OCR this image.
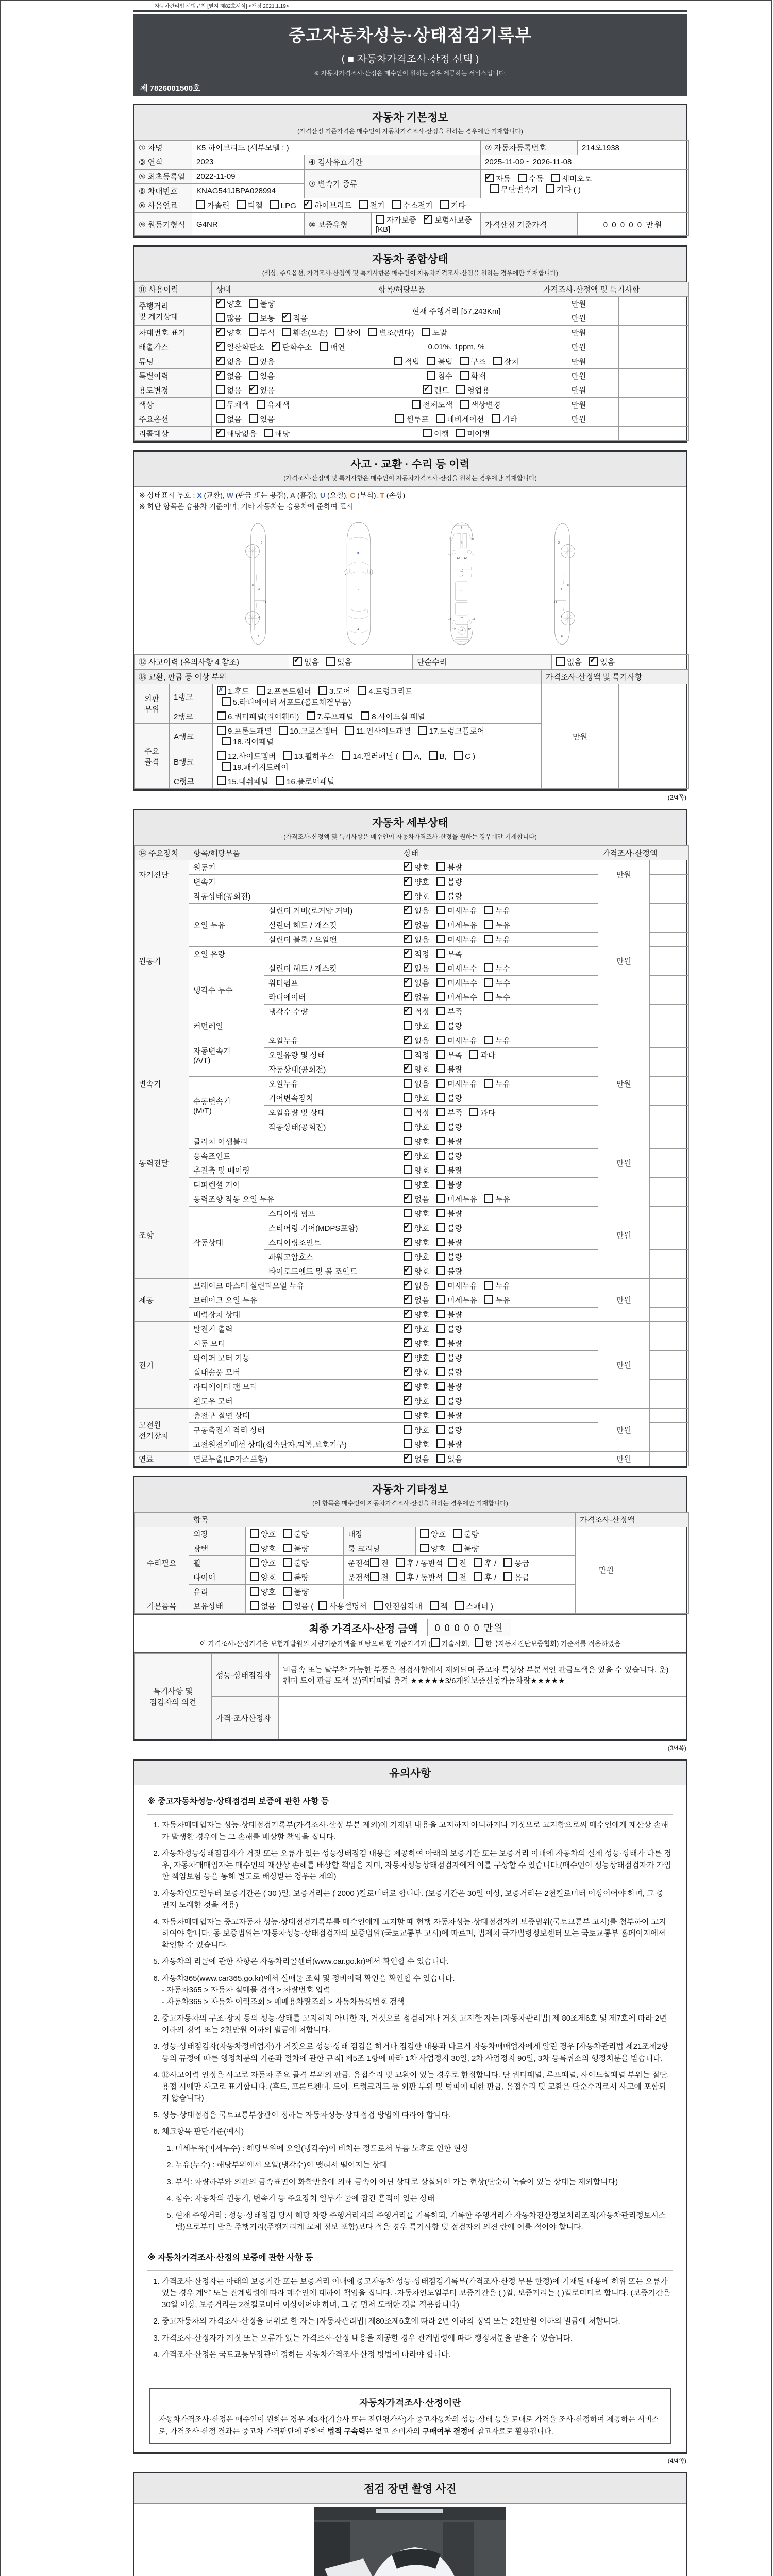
자동차관리법 시행규칙 [별지 제82호서식] <개정 2021.1.19>
중고자동차성능·상태점검기록부
( ■ 자동차가격조사·산정 선택 )
※ 자동차가격조사·산정은 매수인이 원하는 경우 제공하는 서비스입니다.
제 7826001500호
자동차 기본정보
(가격산정 기준가격은 매수인이 자동차가격조사·산정을 원하는 경우에만 기재합니다)
① 차명	K5 하이브리드 (세부모델 : )			② 자동차등록번호	214오1938
③ 연식	2023	④ 검사유효기간		2025-11-09 ~ 2026-11-08	
⑤ 최초등록일	2022-11-09	⑦ 변속기 종류	✔자동 수동 세미오토
무단변속기 기타 ( )
⑥ 차대번호	KNAG541JBPA028994				
⑧ 사용연료	가솔린 디젤 LPG ✔하이브리드 전기 수소전기 기타
⑨ 원동기형식	G4NR	⑩ 보증유형	자가보증 ✔보험사보증 [KB]	가격산정 기준가격	0 0 0 0 0 만원
자동차 종합상태
(색상, 주요옵션, 가격조사·산정액 및 특기사항은 매수인이 자동차가격조사·산정을 원하는 경우에만 기재합니다)
⑪ 사용이력	상태	항목/해당부품	가격조사·산정액 및 특기사항	
주행거리
및 계기상태	✔양호 불량	현재 주행거리 [57,243Km]	만원	
	많음 보통 ✔적음		만원	
차대번호 표기	✔양호 부식 훼손(오손) 상이 변조(변타) 도말		만원	
배출가스	✔일산화탄소 ✔탄화수소 매연	0.01%, 1ppm, %	만원	
튜닝	✔없음 있음	적법 불법 구조 장치	만원	
특별이력	✔없음 있음	침수 화재	만원	
용도변경	없음 ✔있음	✔렌트 영업용	만원	
색상	무채색 유채색	전체도색 색상변경	만원	
주요옵션	없음 있음	썬루프 네비게이션 기타	만원	
리콜대상	✔해당없음 해당	이행 미이행		
사고 · 교환 · 수리 등 이력
(가격조사·산정액 및 특기사항은 매수인이 자동차가격조사·산정을 원하는 경우에만 기재합니다)
※ 상태표시 부호 : X (교환), W (판금 또는 용접), A (흠집), U (요철), C (부식), T (손상)
※ 하단 항목은 승용차 기준이며, 기타 자동차는 승용차에 준하여 표시
2
8
3
14
3
6
X
7
4
5
11	11
9
13	13
12 12
10
15
16
19
13	13
12 12
17
18
2
8
3
14
3
6
⑫ 사고이력 (유의사항 4 참조)	✔없음 있음	단순수리	없음 ✔있음
⑬ 교환, 판금 등 이상 부위			가격조사·산정액 및 특기사항	
외판
부위	1랭크	✗1.후드 2.프론트휀더 3.도어 4.트렁크리드
5.라디에이터 서포트(볼트체결부품)	만원	
	2랭크	6.쿼터패널(리어휀더) 7.루프패널 8.사이드실 패널		
주요
골격	A랭크	9.프론트패널 10.크로스멤버 11.인사이드패널 17.트렁크플로어
18.리어패널		
	B랭크	12.사이드멤버 13.휠하우스 14.필러패널 ( A, B, C )
19.패키지트레이		
	C랭크	15.대쉬패널 16.플로어패널		
(2/4쪽)
자동차 세부상태
(가격조사·산정액 및 특기사항은 매수인이 자동차가격조사·산정을 원하는 경우에만 기재합니다)
⑭ 주요장치	항목/해당부품		상태	가격조사·산정액	
자기진단	원동기	✔양호 불량	만원	
	변속기	✔양호 불량	
원동기	작동상태(공회전)	✔양호 불량	만원	
	오일 누유	실린더 커버(로커암 커버)	✔없음 미세누유 누유	
		실린더 헤드 / 개스킷	✔없음 미세누유 누유	
		실린더 블록 / 오일팬	✔없음 미세누유 누유	
	오일 유량	✔적정 부족	
	냉각수 누수	실린더 헤드 / 개스킷	✔없음 미세누수 누수	
		워터펌프	✔없음 미세누수 누수	
		라디에이터	✔없음 미세누수 누수	
		냉각수 수량	✔적정 부족	
	커먼레일		양호 불량		
변속기	자동변속기
(A/T)	오일누유	✔없음 미세누유 누유	만원	
		오일유량 및 상태	적정 부족 과다		
		작동상태(공회전)	✔양호 불량	
	수동변속기
(M/T)	오일누유	없음 미세누유 누유		
		기어변속장치	양호 불량		
		오일유량 및 상태	적정 부족 과다		
		작동상태(공회전)	양호 불량		
동력전달	클러치 어셈블리		양호 불량	만원	
	등속죠인트	✔양호 불량	
	추진축 및 베어링		양호 불량		
	디퍼렌셜 기어		양호 불량		
조향	동력조향 작동 오일 누유	✔없음 미세누유 누유	만원	
	작동상태	스티어링 펌프	양호 불량		
		스티어링 기어(MDPS포함)	✔양호 불량	
		스티어링조인트	✔양호 불량	
		파워고압호스	양호 불량		
		타이로드엔드 및 볼 조인트	✔양호 불량	
제동	브레이크 마스터 실린더오일 누유	✔없음 미세누유 누유	만원	
	브레이크 오일 누유	✔없음 미세누유 누유	
	배력장치 상태	✔양호 불량	
전기	발전기 출력	✔양호 불량	만원	
	시동 모터	✔양호 불량	
	와이퍼 모터 기능	✔양호 불량	
	실내송풍 모터	✔양호 불량	
	라디에이터 팬 모터	✔양호 불량	
	윈도우 모터	✔양호 불량	
고전원
전기장치	충전구 절연 상태		양호 불량	만원	
	구동축전지 격리 상태		양호 불량		
	고전원전기배선 상태(접속단자,피복,보호기구)		양호 불량		
연료	연료누출(LP가스포함)	✔없음 있음	만원	
자동차 기타정보
(이 항목은 매수인이 자동차가격조사·산정을 원하는 경우에만 기재합니다)
	항목				가격조사·산정액	
수리필요	외장	양호 불량	내장	양호 불량	만원	
	광택	양호 불량	룸 크리닝	양호 불량		
	휠	양호 불량	운전석 전 후 / 동반석 전 후 / 응급			
	타이어	양호 불량	운전석 전 후 / 동반석 전 후 / 응급			
	유리	양호 불량				
기본품목	보유상태	없음 있음 ( 사용설명서 안전삼각대 잭 스패너 )				
최종 가격조사·산정 금액	0 0 0 0 0 만원
이 가격조사·산정가격은 보험개발원의 차량기준가액을 바탕으로 한 기준가격과 ( 기술사회, 한국자동차진단보증협회) 기준서를 적용하였음
특기사항 및
점검자의 의견	성능·상태점검자	비금속 또는 탈부착 가능한 부품은 점검사항에서 제외되며 중고차 특성상 부분적인 판금도색은 있을 수 있습니다. 운) 휀더 도어 판금 도색 운)쿼터패널 충격 ★★★★★3/6개월보증신청가능차량★★★★★
	가격·조사산정자	
(3/4쪽)
유의사항
※ 중고자동차성능·상태점검의 보증에 관한 사항 등
1. 자동차매매업자는 성능·상태점검기록부(가격조사·산정 부분 제외)에 기재된 내용을 고지하지 아니하거나 거짓으로 고지함으로써 매수인에게 재산상 손해가 발생한 경우에는 그 손해를 배상할 책임을 집니다.
2. 자동차성능상태점검자가 거짓 또는 오류가 있는 성능상태점검 내용을 제공하여 아래의 보증기간 또는 보증거리 이내에 자동차의 실제 성능·상태가 다른 경우, 자동차매매업자는 매수인의 재산상 손해를 배상할 책임을 지며, 자동차성능상태점검자에게 이를 구상할 수 있습니다.(매수인이 성능상태점검자가 가입한 책임보험 등을 통해 별도로 배상받는 경우는 제외)
3. 자동차인도일부터 보증기간은 ( 30 )일, 보증거리는 ( 2000 )킬로미터로 합니다. (보증기간은 30일 이상, 보증거리는 2천킬로미터 이상이어야 하며, 그 중 먼저 도래한 것을 적용)
4. 자동차매매업자는 중고자동차 성능·상태점검기록부를 매수인에게 고지할 때 현행 자동차성능·상태점검자의 보증범위(국토교통부 고시)를 첨부하여 고지하여야 합니다. 동 보증범위는 '자동차성능·상태점검자의 보증범위'(국토교통부 고시)에 따르며, 법제처 국가법령정보센터 또는 국토교통부 홈페이지에서 확인할 수 있습니다.
5. 자동차의 리콜에 관한 사항은 자동차리콜센터(www.car.go.kr)에서 확인할 수 있습니다.
6. 자동차365(www.car365.go.kr)에서 실매물 조회 및 정비이력 확인을 확인할 수 있습니다.
- 자동차365 > 자동차 실매물 검색 > 차량번호 입력
- 자동차365 > 자동차 이력조회 > 매매용차량조회 > 자동차등록번호 검색
2. 중고자동차의 구조·장치 등의 성능·상태를 고지하지 아니한 자, 거짓으로 점검하거나 거짓 고지한 자는 [자동차관리법] 제 80조제6호 및 제7호에 따라 2년 이하의 징역 또는 2천만원 이하의 벌금에 처합니다.
3. 성능·상태점검자(자동차정비업자)가 거짓으로 성능·상태 점검을 하거나 점검한 내용과 다르게 자동차매매업자에게 알린 경우 [자동차관리법 제21조제2항 등의 규정에 따른 행정처분의 기준과 절차에 관한 규칙] 제5조 1항에 따라 1차 사업정지 30일, 2차 사업정지 90일, 3차 등록취소의 행정처분을 받습니다.
4. ⑫사고이력 인정은 사고로 자동차 주요 골격 부위의 판금, 용접수리 및 교환이 있는 경우로 한정합니다. 단 쿼터패널, 루프패널, 사이드실패널 부위는 절단, 용접 시에만 사고로 표기합니다. (후드, 프론트펜더, 도어, 트렁크리드 등 외판 부위 및 범퍼에 대한 판금, 용접수리 및 교환은 단순수리로서 사고에 포함되지 않습니다)
5. 성능·상태점검은 국토교통부장관이 정하는 자동차성능·상태점검 방법에 따라야 합니다.
6. 체크항목 판단기준(예시)
1. 미세누유(미세누수) : 해당부위에 오일(냉각수)이 비치는 정도로서 부품 노후로 인한 현상
2. 누유(누수) : 해당부위에서 오일(냉각수)이 맺혀서 떨어지는 상태
3. 부식: 차량하부와 외판의 금속표면이 화학반응에 의해 금속이 아닌 상태로 상실되어 가는 현상(단순히 녹슬어 있는 상태는 제외합니다)
4. 침수: 자동차의 원동기, 변속기 등 주요장치 일부가 물에 잠긴 흔적이 있는 상태
5. 현재 주행거리 : 성능·상태점검 당시 해당 차량 주행거리계의 주행거리를 기록하되, 기록한 주행거리가 자동차전산정보처리조직(자동차관리정보시스템)으로부터 받은 주행거리(주행거리계 교체 정보 포함)보다 적은 경우 특기사항 및 점검자의 의견 란에 이를 적어야 합니다.
※ 자동차가격조사·산정의 보증에 관한 사항 등
1. 가격조사·산정자는 아래의 보증기간 또는 보증거리 이내에 중고자동차 성능·상태점검기록부(가격조사·산정 부분 한정)에 기재된 내용에 허위 또는 오류가 있는 경우 계약 또는 관계법령에 따라 매수인에 대하여 책임을 집니다. ·자동차인도일부터 보증기간은 ( )일, 보증거리는 ( )킬로미터로 합니다. (보증기간은 30일 이상, 보증거리는 2천킬로미터 이상이어야 하며, 그 중 먼저 도래한 것을 적용합니다)
2. 중고자동차의 가격조사·산정을 허위로 한 자는 [자동차관리법] 제80조제6호에 따라 2년 이하의 징역 또는 2천만원 이하의 벌금에 처합니다.
3. 가격조사·산정자가 거짓 또는 오류가 있는 가격조사·산정 내용을 제공한 경우 관계법령에 따라 행정처분을 받을 수 있습니다.
4. 가격조사·산정은 국토교통부장관이 정하는 자동차가격조사·산정 방법에 따라야 합니다.
자동차가격조사·산정이란
자동차가격조사·산정은 매수인이 원하는 경우 제3자(기술사 또는 진단평가사)가 중고자동차의 성능·상태 등을 토대로 가격을 조사·산정하여 제공하는 서비스로, 가격조사·산정 결과는 중고차 가격판단에 관하여 법적 구속력은 없고 소비자의 구매여부 결정에 참고자료로 활용됩니다.
(4/4쪽)
점검 장면 촬영 사진
